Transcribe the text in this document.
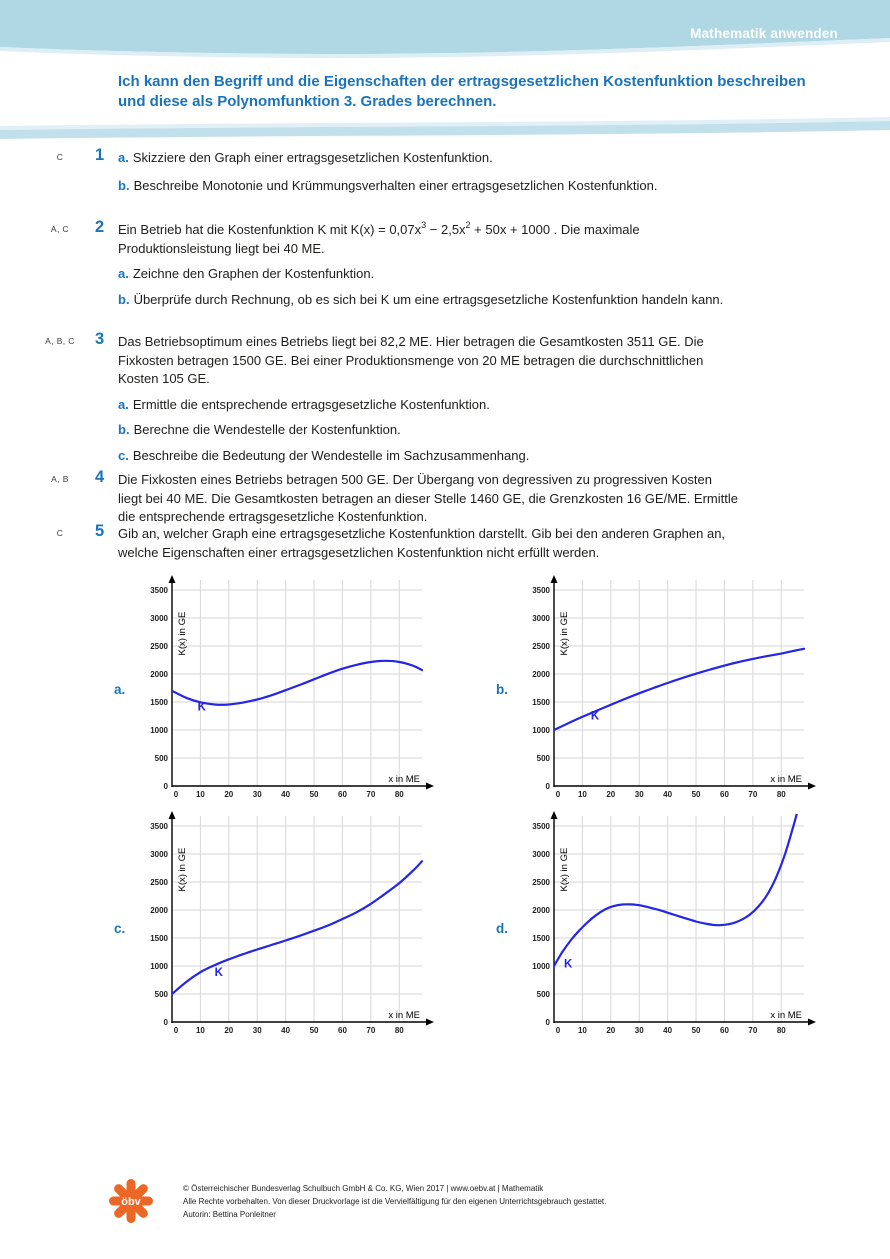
Mathematik anwenden
Ich kann den Begriff und die Eigenschaften der ertragsgesetzlichen Kostenfunktion beschreiben
und diese als Polynomfunktion 3. Grades berechnen.
C	1 a. Skizziere den Graph einer ertragsgesetzlichen Kostenfunktion.
b. Beschreibe Monotonie und Krümmungsverhalten einer ertragsgesetzlichen Kostenfunktion.
A, C	2 Ein Betrieb hat die Kostenfunktion K mit $K(x) = 0,07x^3 - 2,5x^2 + 50x + 1000$ . Die maximale
Produktionsleistung liegt bei 40 ME.
a. Zeichne den Graphen der Kostenfunktion.
b. Überprüfe durch Rechnung, ob es sich bei K um eine ertragsgesetzliche Kostenfunktion handeln kann.
A, B, C	3 Das Betriebsoptimum eines Betriebs liegt bei 82,2 ME. Hier betragen die Gesamtkosten 3511 GE. Die
Fixkosten betragen 1500 GE. Bei einer Produktionsmenge von 20 ME betragen die durchschnittlichen
Kosten 105 GE.
a. Ermittle die entsprechende ertragsgesetzliche Kostenfunktion.
b. Berechne die Wendestelle der Kostenfunktion.
c. Beschreibe die Bedeutung der Wendestelle im Sachzusammenhang.
A, B	4 Die Fixkosten eines Betriebs betragen 500 GE. Der Übergang von degressiven zu progressiven Kosten
liegt bei 40 ME. Die Gesamtkosten betragen an dieser Stelle 1460 GE, die Grenzkosten 16 GE/ME. Ermittle
die entsprechende ertragsgesetzliche Kostenfunktion.
C	5 Gib an, welcher Graph eine ertragsgesetzliche Kostenfunktion darstellt. Gib bei den anderen Graphen an,
welche Eigenschaften einer ertragsgesetzlichen Kostenfunktion nicht erfüllt werden.
a.	b.
c.	d.
0
500
1000
1500
2000
2500
3000
3500
0 10 20 30 40 50 60 70 80
x in ME
K(x) in GE
K
0
500
1000
1500
2000
2500
3000
3500
0 10 20 30 40 50 60 70 80
x in ME
K(x) in GE
K
0
500
1000
1500
2000
2500
3000
3500
0 10 20 30 40 50 60 70 80
x in ME
K(x) in GE
K
0
500
1000
1500
2000
2500
3000
3500
0 10 20 30 40 50 60 70 80
x in ME
K(x) in GE
K
öbv
© Österreichischer Bundesverlag Schulbuch GmbH & Co. KG, Wien 2017 | www.oebv.at | Mathematik
Alle Rechte vorbehalten. Von dieser Druckvorlage ist die Vervielfältigung für den eigenen Unterrichtsgebrauch gestattet.
Autorin: Bettina Ponleitner
